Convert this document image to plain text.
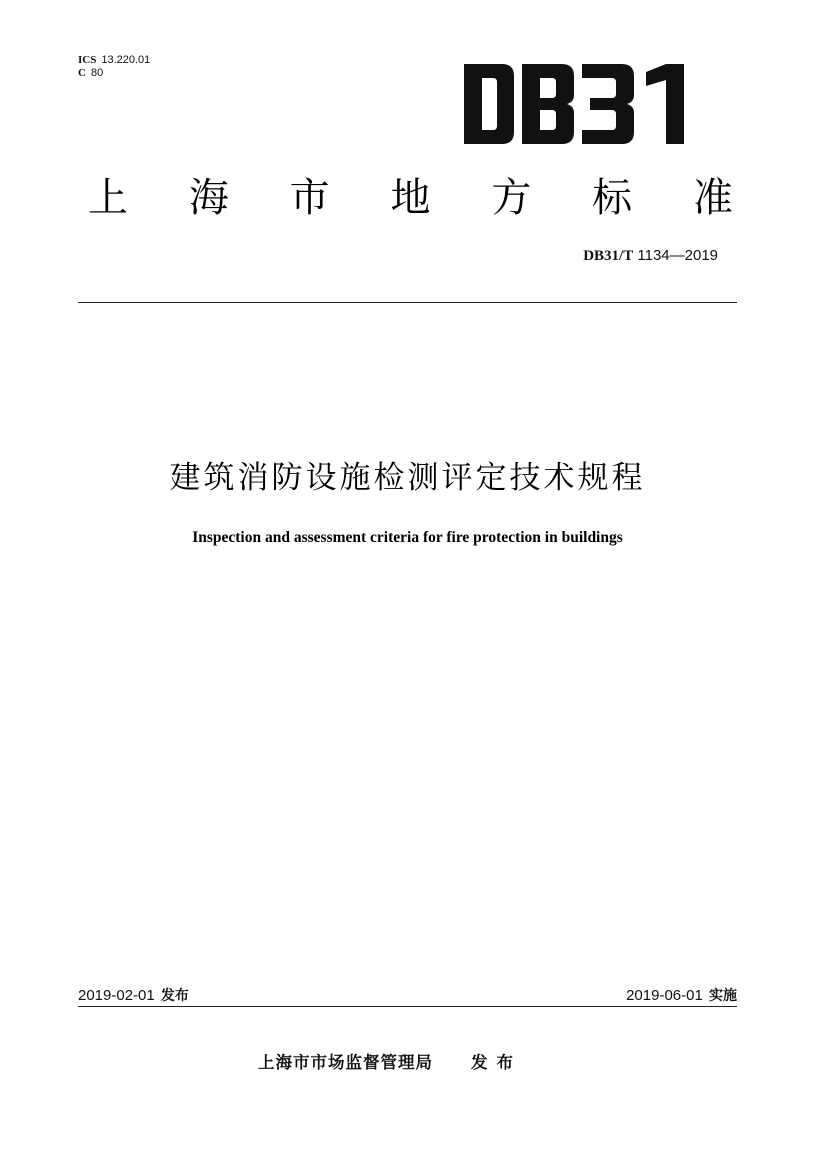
ICS 13.220.01
C 80
上 海 市 地 方 标 准
DB31/T 1134—2019
建筑消防设施检测评定技术规程
Inspection and assessment criteria for fire protection in buildings
2019-02-01 发布	2019-06-01 实施
上海市市场监督管理局 发布
